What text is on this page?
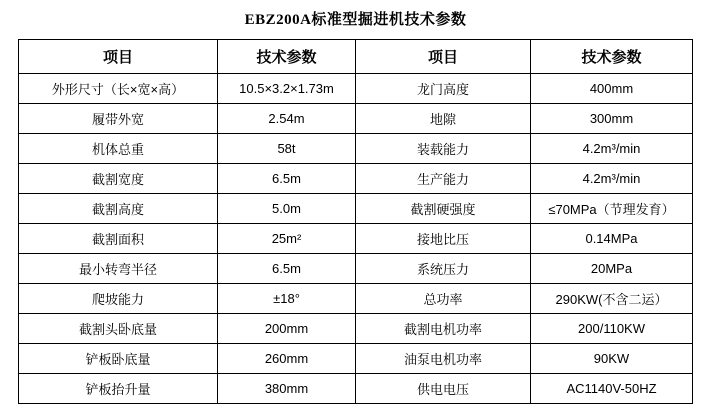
EBZ200A标准型掘进机技术参数
项目	技术参数	项目	技术参数
外形尺寸（长×宽×高）	10.5×3.2×1.73m	龙门高度	400mm
履带外宽	2.54m	地隙	300mm
机体总重	58t	装载能力	4.2m³/min
截割宽度	6.5m	生产能力	4.2m³/min
截割高度	5.0m	截割硬强度	≤70MPa（节理发育）
截割面积	25m²	接地比压	0.14MPa
最小转弯半径	6.5m	系统压力	20MPa
爬坡能力	±18°	总功率	290KW(不含二运）
截割头卧底量	200mm	截割电机功率	200/110KW
铲板卧底量	260mm	油泵电机功率	90KW
铲板抬升量	380mm	供电电压	AC1140V-50HZ
